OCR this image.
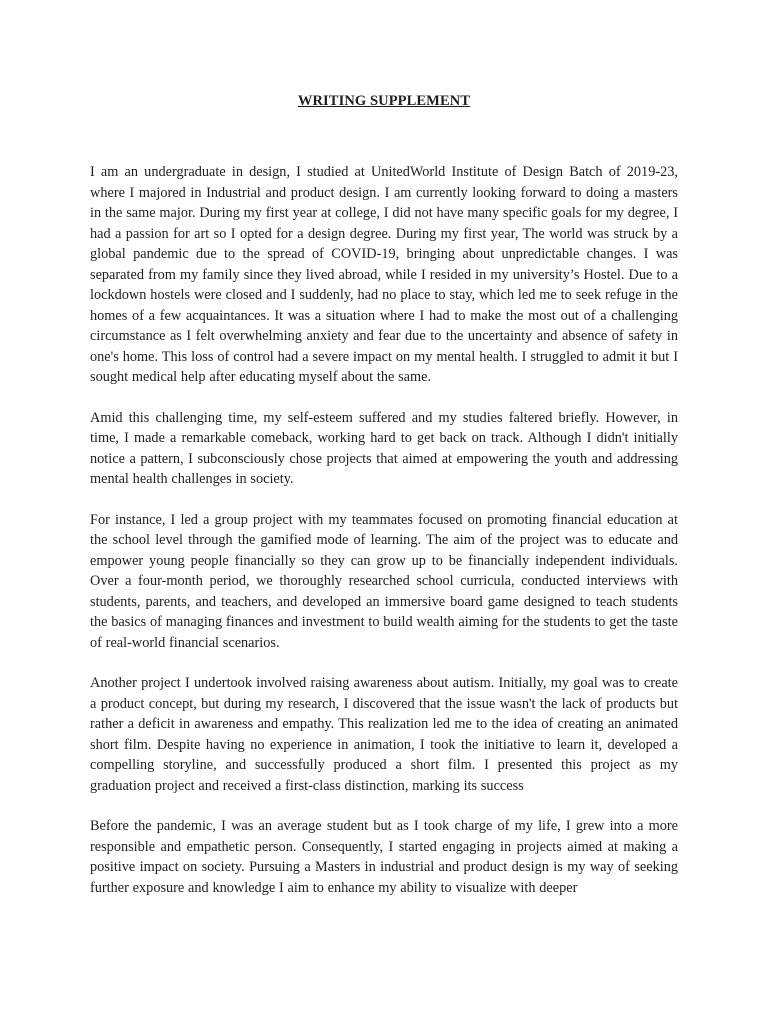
WRITING SUPPLEMENT

I am an undergraduate in design, I studied at UnitedWorld Institute of Design Batch of 2019-23, where I majored in Industrial and product design. I am currently looking forward to doing a masters in the same major. During my first year at college, I did not have many specific goals for my degree, I had a passion for art so I opted for a design degree. During my first year, The world was struck by a global pandemic due to the spread of COVID-19, bringing about unpredictable changes. I was separated from my family since they lived abroad, while I resided in my university’s Hostel. Due to a lockdown hostels were closed and I suddenly, had no place to stay, which led me to seek refuge in the homes of a few acquaintances. It was a situation where I had to make the most out of a challenging circumstance as I felt overwhelming anxiety and fear due to the uncertainty and absence of safety in one's home. This loss of control had a severe impact on my mental health. I struggled to admit it but I sought medical help after educating myself about the same.

Amid this challenging time, my self-esteem suffered and my studies faltered briefly. However, in time, I made a remarkable comeback, working hard to get back on track. Although I didn't initially notice a pattern, I subconsciously chose projects that aimed at empowering the youth and addressing mental health challenges in society.

For instance, I led a group project with my teammates focused on promoting financial education at the school level through the gamified mode of learning. The aim of the project was to educate and empower young people financially so they can grow up to be financially independent individuals. Over a four-month period, we thoroughly researched school curricula, conducted interviews with students, parents, and teachers, and developed an immersive board game designed to teach students the basics of managing finances and investment to build wealth aiming for the students to get the taste of real-world financial scenarios.

Another project I undertook involved raising awareness about autism. Initially, my goal was to create a product concept, but during my research, I discovered that the issue wasn't the lack of products but rather a deficit in awareness and empathy. This realization led me to the idea of creating an animated short film. Despite having no experience in animation, I took the initiative to learn it, developed a compelling storyline, and successfully produced a short film. I presented this project as my graduation project and received a first-class distinction, marking its success

Before the pandemic, I was an average student but as I took charge of my life, I grew into a more responsible and empathetic person. Consequently, I started engaging in projects aimed at making a positive impact on society. Pursuing a Masters in industrial and product design is my way of seeking further exposure and knowledge I aim to enhance my ability to visualize with deeper
